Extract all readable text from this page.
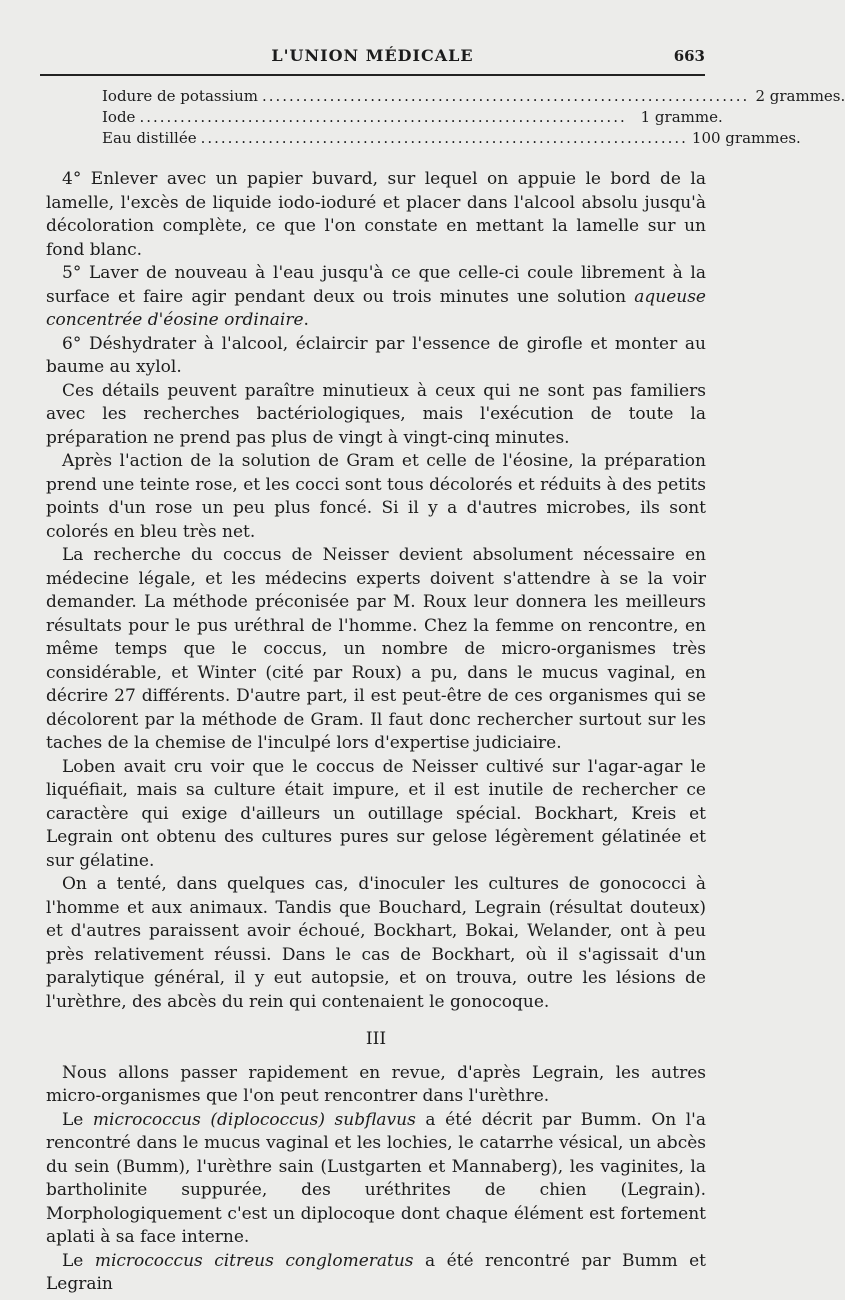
L'UNION MÉDICALE	663
Iodure de potassium ........................................................................ 2 grammes.
Iode ........................................................................ 1 gramme.
Eau distillée ........................................................................ 100 grammes.

4° Enlever avec un papier buvard, sur lequel on appuie le bord de la lamelle, l'excès de liquide iodo-ioduré et placer dans l'alcool absolu jusqu'à décoloration complète, ce que l'on constate en mettant la lamelle sur un fond blanc.

5° Laver de nouveau à l'eau jusqu'à ce que celle-ci coule librement à la surface et faire agir pendant deux ou trois minutes une solution aqueuse concentrée d'éosine ordinaire.

6° Déshydrater à l'alcool, éclaircir par l'essence de girofle et monter au baume au xylol.

Ces détails peuvent paraître minutieux à ceux qui ne sont pas familiers avec les recherches bactériologiques, mais l'exécution de toute la préparation ne prend pas plus de vingt à vingt-cinq minutes.

Après l'action de la solution de Gram et celle de l'éosine, la préparation prend une teinte rose, et les cocci sont tous décolorés et réduits à des petits points d'un rose un peu plus foncé. Si il y a d'autres microbes, ils sont colorés en bleu très net.

La recherche du coccus de Neisser devient absolument nécessaire en médecine légale, et les médecins experts doivent s'attendre à se la voir demander. La méthode préconisée par M. Roux leur donnera les meilleurs résultats pour le pus uréthral de l'homme. Chez la femme on rencontre, en même temps que le coccus, un nombre de micro-organismes très considérable, et Winter (cité par Roux) a pu, dans le mucus vaginal, en décrire 27 différents. D'autre part, il est peut-être de ces organismes qui se décolorent par la méthode de Gram. Il faut donc rechercher surtout sur les taches de la chemise de l'inculpé lors d'expertise judiciaire.

Loben avait cru voir que le coccus de Neisser cultivé sur l'agar-agar le liquéfiait, mais sa culture était impure, et il est inutile de rechercher ce caractère qui exige d'ailleurs un outillage spécial. Bockhart, Kreis et Legrain ont obtenu des cultures pures sur gelose légèrement gélatinée et sur gélatine.

On a tenté, dans quelques cas, d'inoculer les cultures de gonococci à l'homme et aux animaux. Tandis que Bouchard, Legrain (résultat douteux) et d'autres paraissent avoir échoué, Bockhart, Bokai, Welander, ont à peu près relativement réussi. Dans le cas de Bockhart, où il s'agissait d'un paralytique général, il y eut autopsie, et on trouva, outre les lésions de l'urèthre, des abcès du rein qui contenaient le gonocoque.

III

Nous allons passer rapidement en revue, d'après Legrain, les autres micro-organismes que l'on peut rencontrer dans l'urèthre.

Le micrococcus (diplococcus) subflavus a été décrit par Bumm. On l'a rencontré dans le mucus vaginal et les lochies, le catarrhe vésical, un abcès du sein (Bumm), l'urèthre sain (Lustgarten et Mannaberg), les vaginites, la bartholinite suppurée, des uréthrites de chien (Legrain). Morphologiquement c'est un diplocoque dont chaque élément est fortement aplati à sa face interne.

Le micrococcus citreus conglomeratus a été rencontré par Bumm et Legrain
